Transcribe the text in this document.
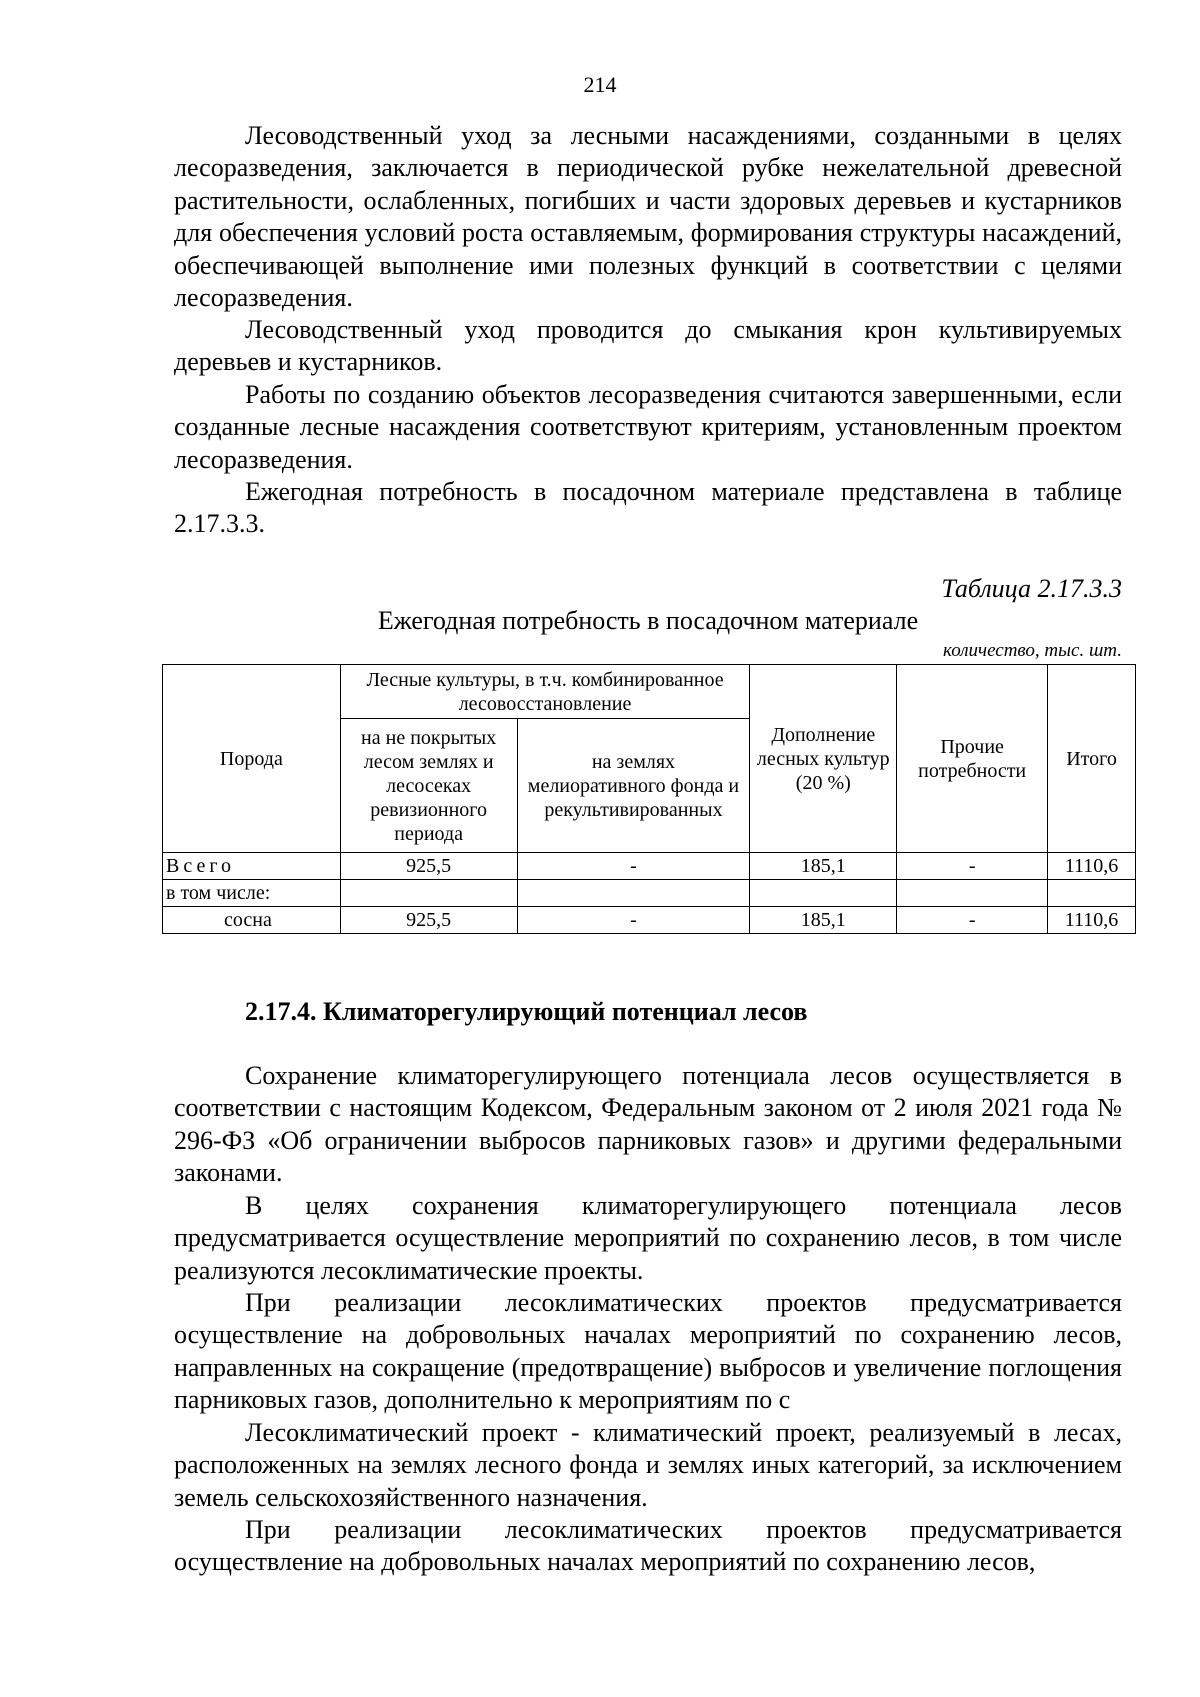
214

Лесоводственный уход за лесными насаждениями, созданными в целях лесоразведения, заключается в периодической рубке нежелательной древесной растительности, ослабленных, погибших и части здоровых деревьев и кустарников для обеспечения условий роста оставляемым, формирования структуры насаждений, обеспечивающей выполнение ими полезных функций в соответствии с целями лесоразведения.

Лесоводственный уход проводится до смыкания крон культивируемых деревьев и кустарников.

Работы по созданию объектов лесоразведения считаются завершенными, если созданные лесные насаждения соответствуют критериям, установленным проектом лесоразведения.

Ежегодная потребность в посадочном материале представлена в таблице 2.17.3.3.

Таблица 2.17.3.3
Ежегодная потребность в посадочном материале
количество, тыс. шт.
Порода	Лесные культуры, в т.ч. комбинированное лесовосстановление		Дополнение лесных культур (20 %)	Прочие потребности	Итого
	на не покрытых лесом землях и лесосеках ревизионного периода	на землях мелиоративного фонда и рекультивированных			
Всего	925,5	-	185,1	-	1110,6
в том числе:					
сосна	925,5	-	185,1	-	1110,6
2.17.4. Климаторегулирующий потенциал лесов

Сохранение климаторегулирующего потенциала лесов осуществляется в соответствии с настоящим Кодексом, Федеральным законом от 2 июля 2021 года № 296-ФЗ «Об ограничении выбросов парниковых газов» и другими федеральными законами.

В целях сохранения климаторегулирующего потенциала лесов предусматривается осуществление мероприятий по сохранению лесов, в том числе реализуются лесоклиматические проекты.

При реализации лесоклиматических проектов предусматривается осуществление на добровольных началах мероприятий по сохранению лесов, направленных на сокращение (предотвращение) выбросов и увеличение поглощения парниковых газов, дополнительно к мероприятиям по с

Лесоклиматический проект - климатический проект, реализуемый в лесах, расположенных на землях лесного фонда и землях иных категорий, за исключением земель сельскохозяйственного назначения.

При реализации лесоклиматических проектов предусматривается осуществление на добровольных началах мероприятий по сохранению лесов,
